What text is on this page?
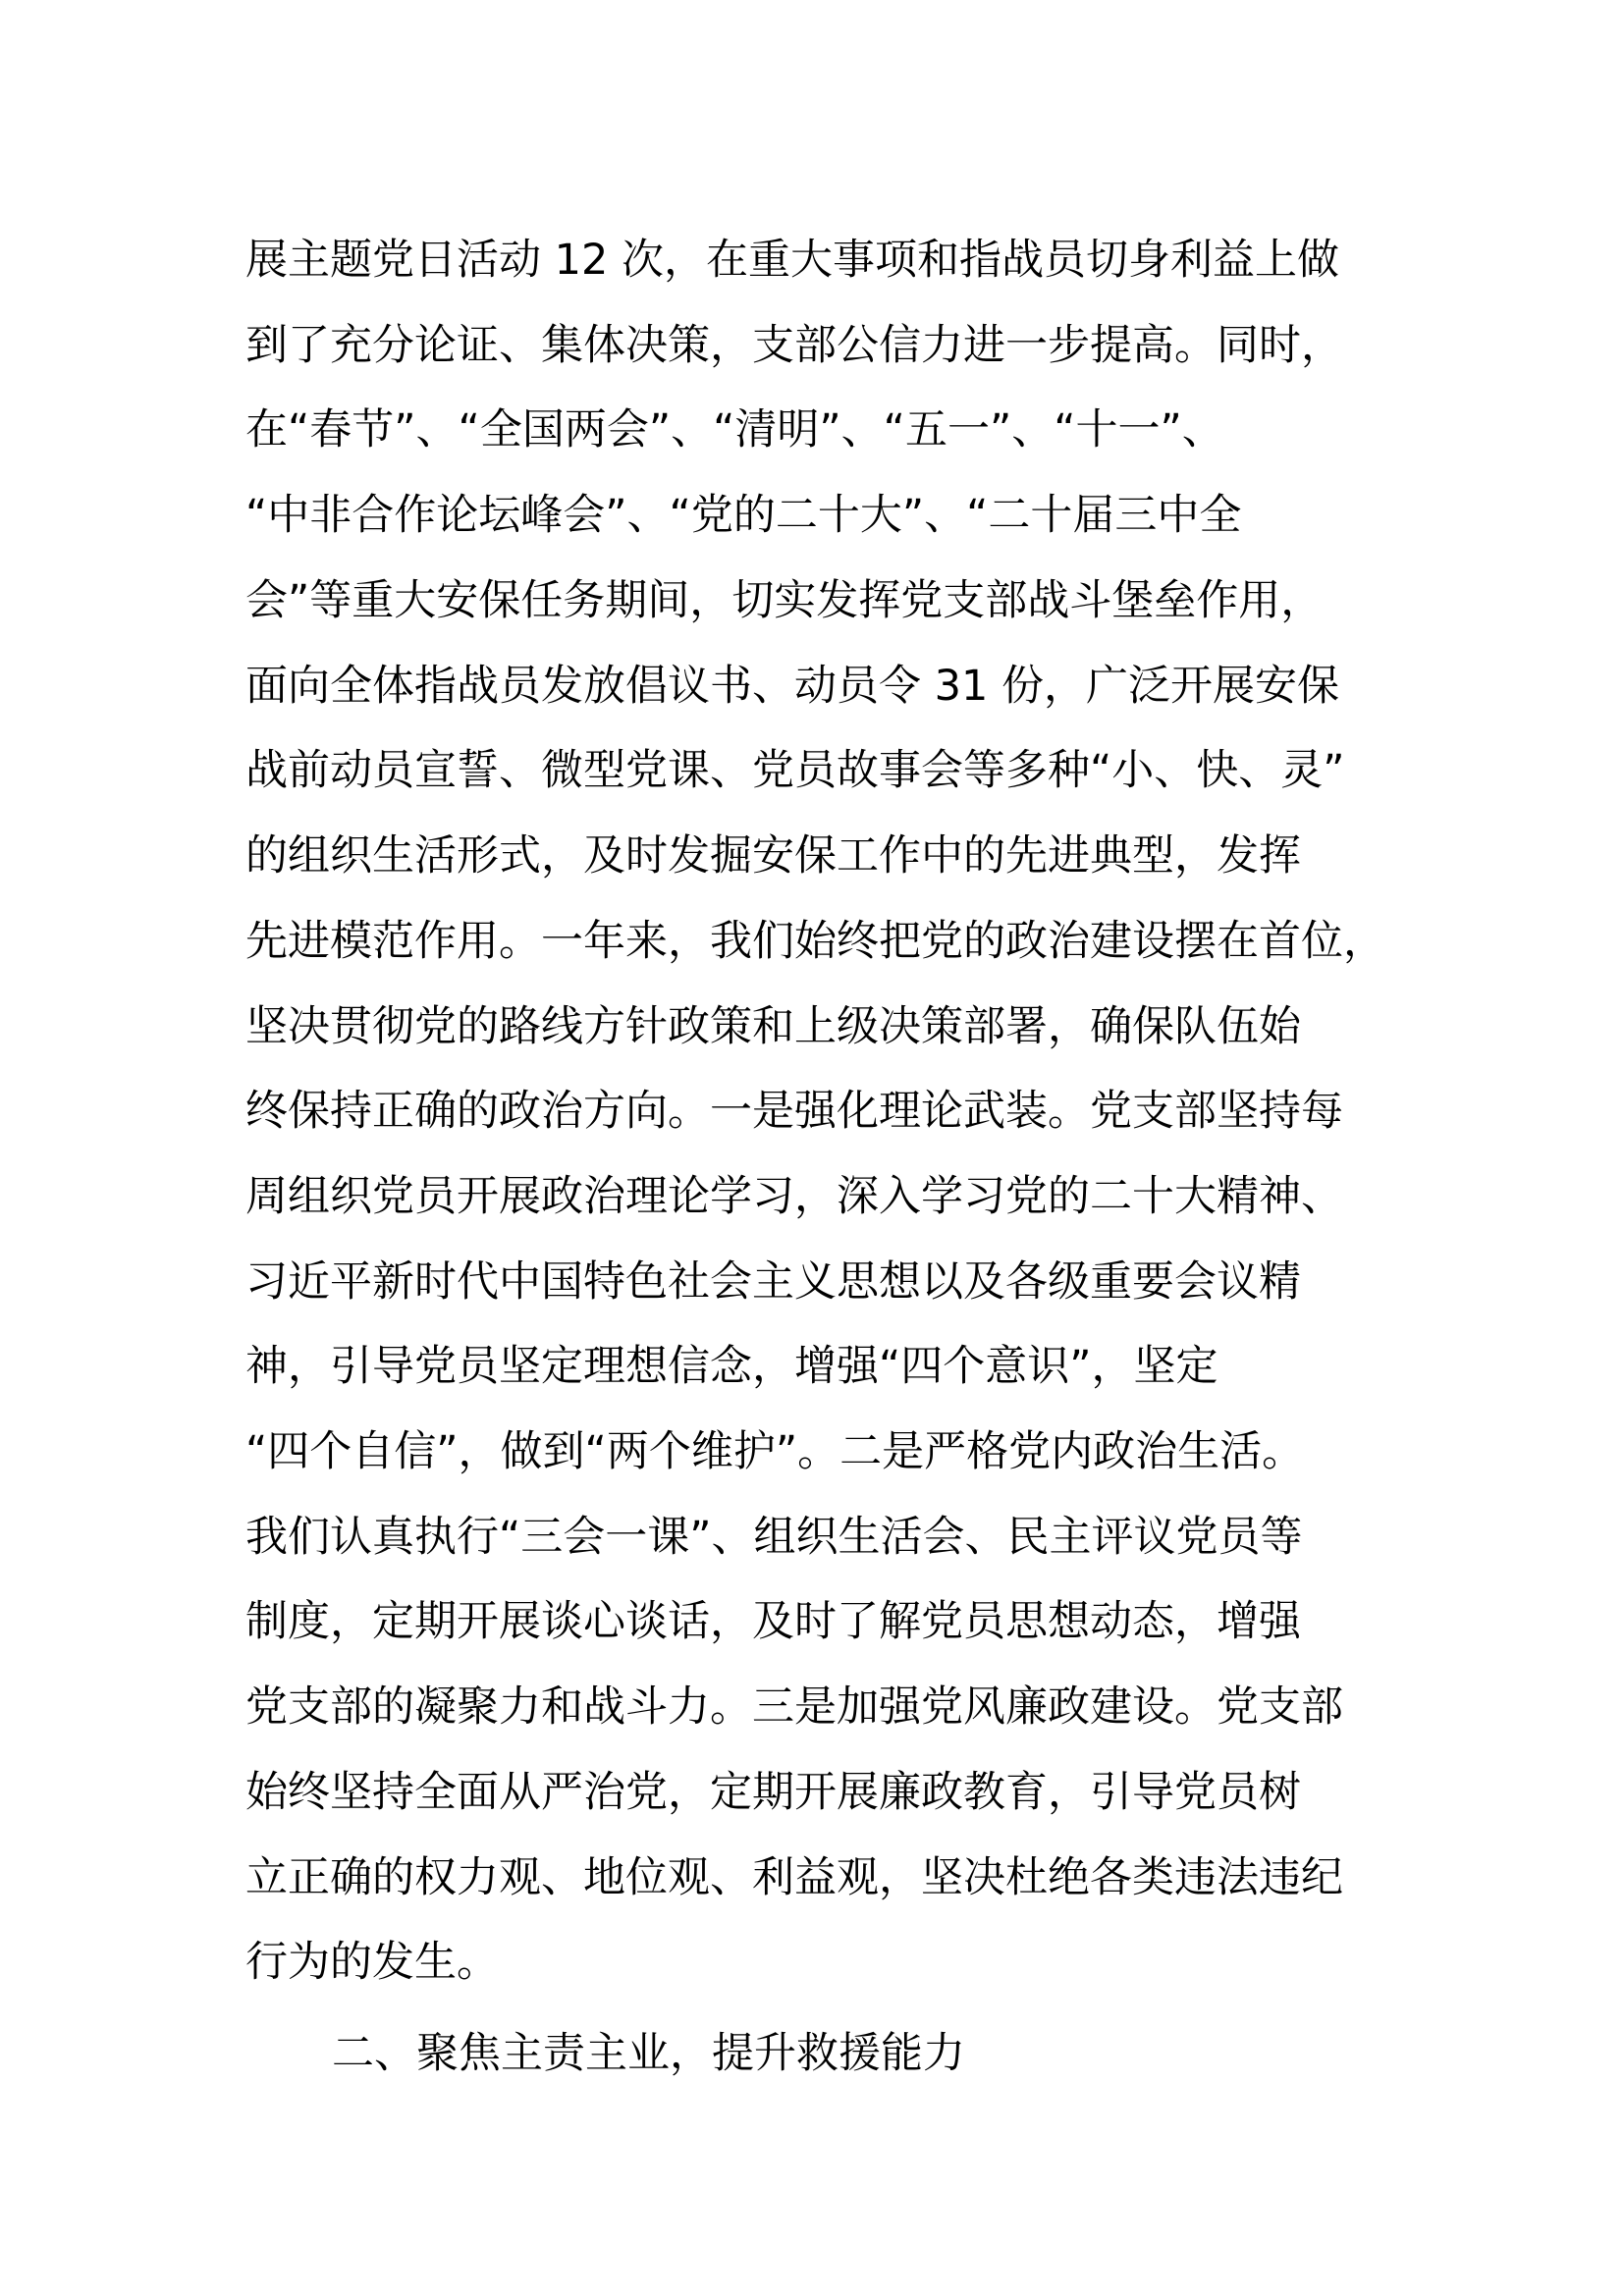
展主题党日活动 12 次，在重大事项和指战员切身利益上做

到了充分论证、集体决策，支部公信力进一步提高。同时，

在“春节”、“全国两会”、“清明”、“五一”、“十一”、

“中非合作论坛峰会”、“党的二十大”、“二十届三中全

会”等重大安保任务期间，切实发挥党支部战斗堡垒作用，

面向全体指战员发放倡议书、动员令 31 份，广泛开展安保

战前动员宣誓、微型党课、党员故事会等多种“小、快、灵”

的组织生活形式，及时发掘安保工作中的先进典型，发挥

先进模范作用。一年来，我们始终把党的政治建设摆在首位，

坚决贯彻党的路线方针政策和上级决策部署，确保队伍始

终保持正确的政治方向。一是强化理论武装。党支部坚持每

周组织党员开展政治理论学习，深入学习党的二十大精神、

习近平新时代中国特色社会主义思想以及各级重要会议精

神，引导党员坚定理想信念，增强“四个意识”，坚定

“四个自信”，做到“两个维护”。二是严格党内政治生活。

我们认真执行“三会一课”、组织生活会、民主评议党员等

制度，定期开展谈心谈话，及时了解党员思想动态，增强

党支部的凝聚力和战斗力。三是加强党风廉政建设。党支部

始终坚持全面从严治党，定期开展廉政教育，引导党员树

立正确的权力观、地位观、利益观，坚决杜绝各类违法违纪

行为的发生。

二、聚焦主责主业，提升救援能力
